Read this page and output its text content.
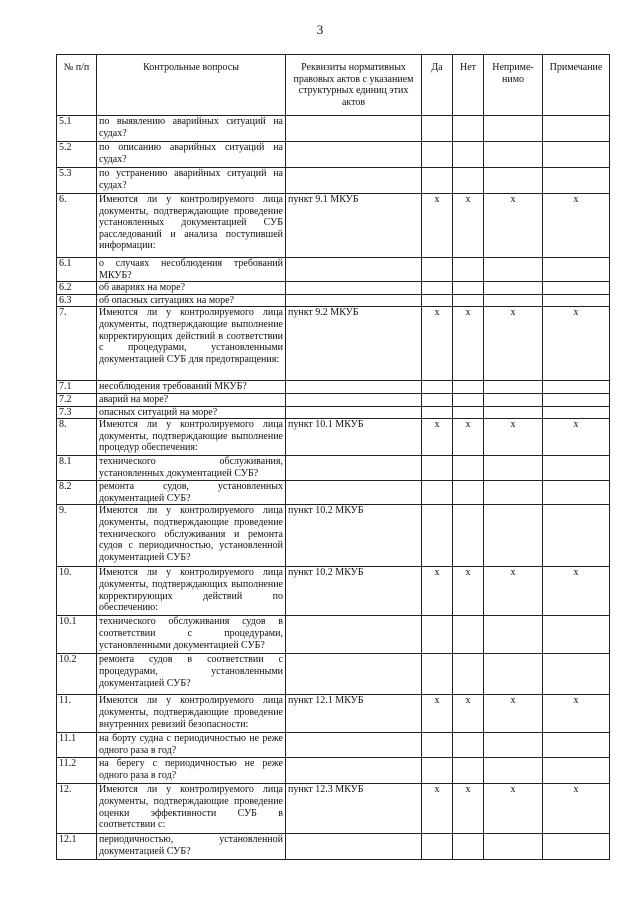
3
№ п/п	Контрольные вопросы	Реквизиты нормативных правовых актов с указанием структурных единиц этих актов	Да	Нет	Неприме-нимо	Примечание
5.1	по выявлению аварийных ситуаций на судах?					
5.2	по описанию аварийных ситуаций на судах?					
5.3	по устранению аварийных ситуаций на судах?					
6.	Имеются ли у контролируемого лица документы, подтверждающие проведение установленных документацией СУБ расследований и анализа поступившей информации:	пункт 9.1 МКУБ	x	x	x	x
6.1	о случаях несоблюдения требований МКУБ?					
6.2	об авариях на море?					
6.3	об опасных ситуациях на море?					
7.	Имеются ли у контролируемого лица документы, подтверждающие выполнение корректирующих действий в соответствии с процедурами, установленными документацией СУБ для предотвращения:	пункт 9.2 МКУБ	x	x	x	x
7.1	несоблюдения требований МКУБ?					
7.2	аварий на море?					
7.3	опасных ситуаций на море?					
8.	Имеются ли у контролируемого лица документы, подтверждающие выполнение процедур обеспечения:	пункт 10.1 МКУБ	x	x	x	x
8.1	технического обслуживания, установленных документацией СУБ?					
8.2	ремонта судов, установленных документацией СУБ?					
9.	Имеются ли у контролируемого лица документы, подтверждающие проведение технического обслуживания и ремонта судов с периодичностью, установленной документацией СУБ?	пункт 10.2 МКУБ				
10.	Имеются ли у контролируемого лица документы, подтверждающих выполнение корректирующих действий по обеспечению:	пункт 10.2 МКУБ	x	x	x	x
10.1	технического обслуживания судов в соответствии с процедурами, установленными документацией СУБ?					
10.2	ремонта судов в соответствии с процедурами, установленными документацией СУБ?					
11.	Имеются ли у контролируемого лица документы, подтверждающие проведение внутренних ревизий безопасности:	пункт 12.1 МКУБ	x	x	x	x
11.1	на борту судна с периодичностью не реже одного раза в год?					
11.2	на берегу с периодичностью не реже одного раза в год?					
12.	Имеются ли у контролируемого лица документы, подтверждающие проведение оценки эффективности СУБ в соответствии с:	пункт 12.3 МКУБ	x	x	x	x
12.1	периодичностью, установленной документацией СУБ?					
